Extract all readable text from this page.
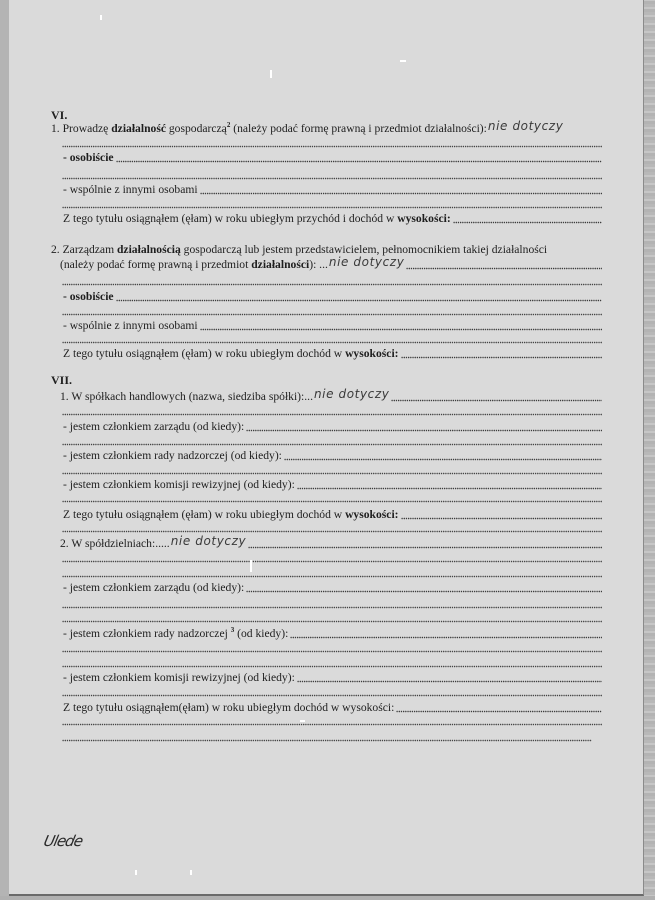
VI.
1. Prowadzę działalność gospodarczą$^2$ (należy podać formę prawną i przedmiot działalności): nie dotyczy
- osobiście
- wspólnie z innymi osobami
Z tego tytułu osiągnąłem (ęłam) w roku ubiegłym przychód i dochód w wysokości:
2. Zarządzam działalnością gospodarczą lub jestem przedstawicielem, pełnomocnikiem takiej działalności
(należy podać formę prawną i przedmiot działalności): ... nie dotyczy
- osobiście
- wspólnie z innymi osobami
Z tego tytułu osiągnąłem (ęłam) w roku ubiegłym dochód w wysokości:
VII.
1. W spółkach handlowych (nazwa, siedziba spółki):... nie dotyczy
- jestem członkiem zarządu (od kiedy):
- jestem członkiem rady nadzorczej (od kiedy):
- jestem członkiem komisji rewizyjnej (od kiedy):
Z tego tytułu osiągnąłem (ęłam) w roku ubiegłym dochód w wysokości:
2. W spółdzielniach:..... nie dotyczy
- jestem członkiem zarządu (od kiedy):
- jestem członkiem rady nadzorczej $^3$ (od kiedy):
- jestem członkiem komisji rewizyjnej (od kiedy):
Z tego tytułu osiągnąłem(ęłam) w roku ubiegłym dochód w wysokości:
Ulede
